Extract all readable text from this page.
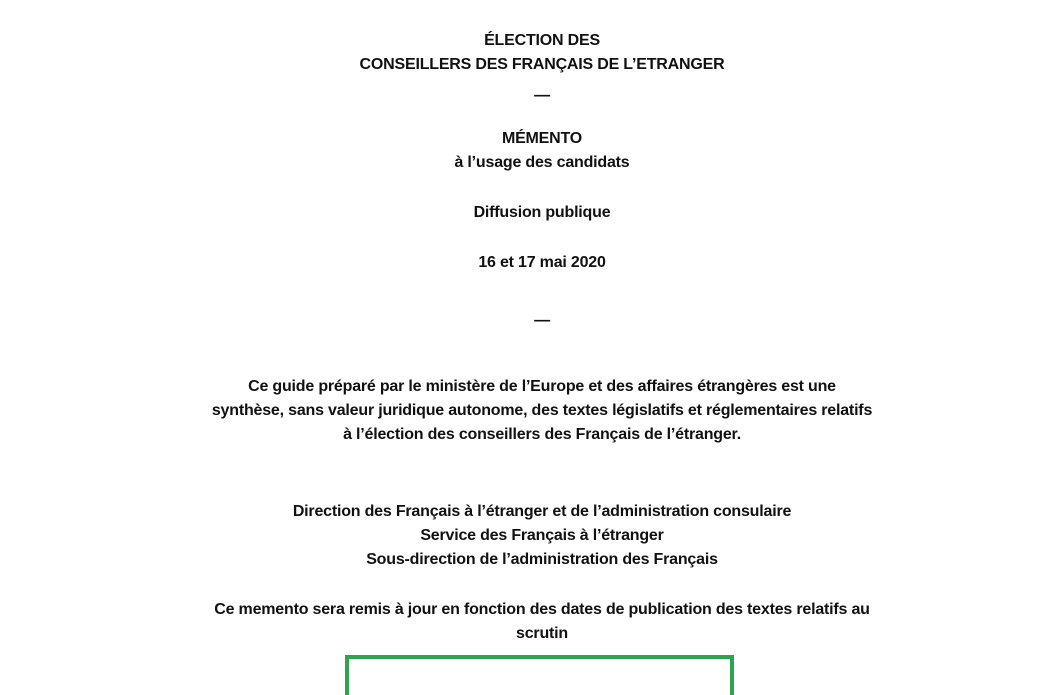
ÉLECTION DES
CONSEILLERS DES FRANÇAIS DE L’ETRANGER
—
MÉMENTO
à l’usage des candidats
Diffusion publique
16 et 17 mai 2020
—
Ce guide préparé par le ministère de l’Europe et des affaires étrangères est une
synthèse, sans valeur juridique autonome, des textes législatifs et réglementaires relatifs
à l’élection des conseillers des Français de l’étranger.
Direction des Français à l’étranger et de l’administration consulaire
Service des Français à l’étranger
Sous-direction de l’administration des Français
Ce memento sera remis à jour en fonction des dates de publication des textes relatifs au
scrutin
